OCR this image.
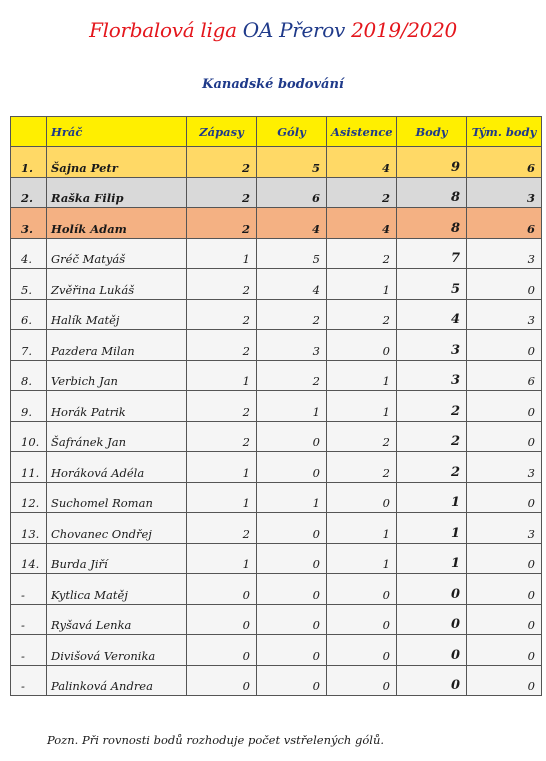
Florbalová liga OA Přerov 2019/2020
Kanadské bodování
	Hráč	Zápasy	Góly	Asistence	Body	Tým. body
1.	Šajna Petr	2	5	4	9	6
2.	Raška Filip	2	6	2	8	3
3.	Holík Adam	2	4	4	8	6
4.	Gréč Matyáš	1	5	2	7	3
5.	Zvěřina Lukáš	2	4	1	5	0
6.	Halík Matěj	2	2	2	4	3
7.	Pazdera Milan	2	3	0	3	0
8.	Verbich Jan	1	2	1	3	6
9.	Horák Patrik	2	1	1	2	0
10.	Šafránek Jan	2	0	2	2	0
11.	Horáková Adéla	1	0	2	2	3
12.	Suchomel Roman	1	1	0	1	0
13.	Chovanec Ondřej	2	0	1	1	3
14.	Burda Jiří	1	0	1	1	0
-	Kytlica Matěj	0	0	0	0	0
-	Ryšavá Lenka	0	0	0	0	0
-	Divišová Veronika	0	0	0	0	0
-	Palinková Andrea	0	0	0	0	0
Pozn. Při rovnosti bodů rozhoduje počet vstřelených gólů.
